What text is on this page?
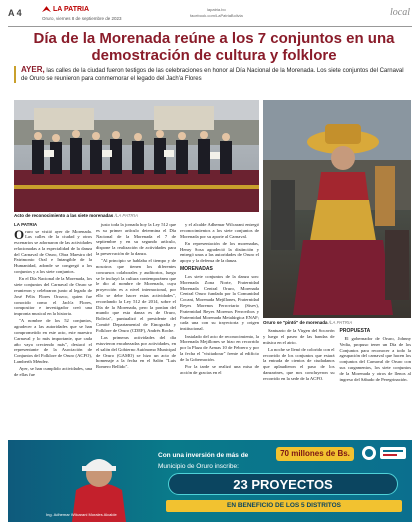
A 4	LA PATRIA
Oruro, viernes 8 de septiembre de 2023
lapatria.bo
facebook.com/LaPatriaBolivia	local
Día de la Morenada reúne a los 7 conjuntos en una demostración de cultura y folklore
AYER, las calles de la ciudad fueron testigos de las celebraciones en honor al Día Nacional de la Morenada. Los siete conjuntos del Carnaval de Oruro se reunieron para conmemorar el legado del Jach'a Flores
Acto de reconocimiento a las siete morenadas /LA PATRIA
Oruro se "pintó" de morenada /LA PATRIA

LA PATRIA

Oruro se vistió ayer de Morenada. Las calles de la ciudad y otros escenarios se adornaron de las actividades relacionadas a la especialidad de la danza del Carnaval de Oruro, Obra Maestra del Patrimonio Oral e Intangible de la Humanidad, adonde se congregó a los conjuntos y a los siete conjuntos.

En el Día Nacional de la Morenada, los siete conjuntos del Carnaval de Oruro se reunieron y celebraron junto al legado de José Félix Flores Orozco, quien fue conocido como el Jach'a Flores, compositor e investigador creó una impronta musical en la historia.

"A nombre de los 52 conjuntos, agradecer a las autoridades que se han comprometido en este acto, este maestro Carnaval y lo más importante, que cada año vaya creciendo más", destacó el representante de la Asociación de Conjuntos del Folklore de Oruro (ACFO), Lamberth Méndez.

Ayer, se han cumplido actividades, una de ellas fue

justo toda la jornada hoy la Ley 512 que es su primer artículo determina el Día Nacional de la Morenada el 7 de septiembre y en su segundo artículo, dispone la realización de actividades para la preservación de la danza.

"Al principio se hablaba el tiempo y de nosotros que tienen los diferentes concursos colaborales y auditorios, luego se le incluyó la cultura contemporánea que le dio al nombre de Morenada, cuya proyección es a nivel internacional, por ello se debe hacer estas actividades", recordando la Ley 512 de 2014, sobre el Día de la Morenada, pero la ponían del mundo que esta danza es de Oruro, Bolivia", puntualizó el presidente del Comité Departamental de Etnografía y Folklore de Oruro (CDEF), Andrés Roche.

Las primeras actividades del día estuvieron encabezadas por actividades, en el salón del Gobierno Autónomo Municipal de Oruro (GAMO) se hizo un acto de homenaje a la fecha en el Salón "Luis Romero Bellido".

y el alcalde Adhemar Wilcarani entregó reconocimientos a los siete conjuntos de Morenada por su aporte al Carnaval.

En representación de los morenadas, Henry Sosa agradeció la distinción y entregó unas a las autoridades de Oruro el apoyo y la defensa de la danza.

MORENADAS

Los siete conjuntos de la danza son: Morenada Zona Norte, Fraternidad Morenada Central Oruro, Morenada Central Oruro fundada por la Comunidad Cocani, Morenada Mejillones, Fraternidad Reyes Morenos Ferroviario (Sisev), Fraternidad Reyes Morenos Ferrovibos y Fraternidad Morenada Metalúrgica ENAF; cada una con su trayectoria y origen institucional.

Instalado del acto de reconocimiento, la Morenada Mejillones se hizo en recorrido por la Plaza de Armas 10 de Febrero y por la fecha el "visitadorar" frente al edificio de la Gobernación.

Por la tarde se realizó una misa de acción de gracias en el

Santuario de la Virgen del Socavón y luego el paseo de las bandas de música en el atrio.

La noche se llenó de colorido con el recorrido de los conjuntos que estará la entrada de cientos de ciudadanos que aplaudieron el paso de los danzarines, que nos concluyeron su recorrido en la sede de la ACFO.

PROPUESTA

El gobernador de Oruro, Johnny Vedia, propuso tener un Día de los Conjuntos para reconocer a todo la agrupación del carnaval que hacen los conjuntos del Carnaval de Oruro con sus cargamentos, los siete conjuntos de la Morenada y otros de llenos al ingreso del Sábado de Peregrinación.

Con una inversión de más de	70 millones de Bs.
Municipio de Oruro inscribe:
23 PROYECTOS
EN BENEFICIO DE LOS 5 DISTRITOS
Ing. Adhemar Wilcarani Morales Alcalde
